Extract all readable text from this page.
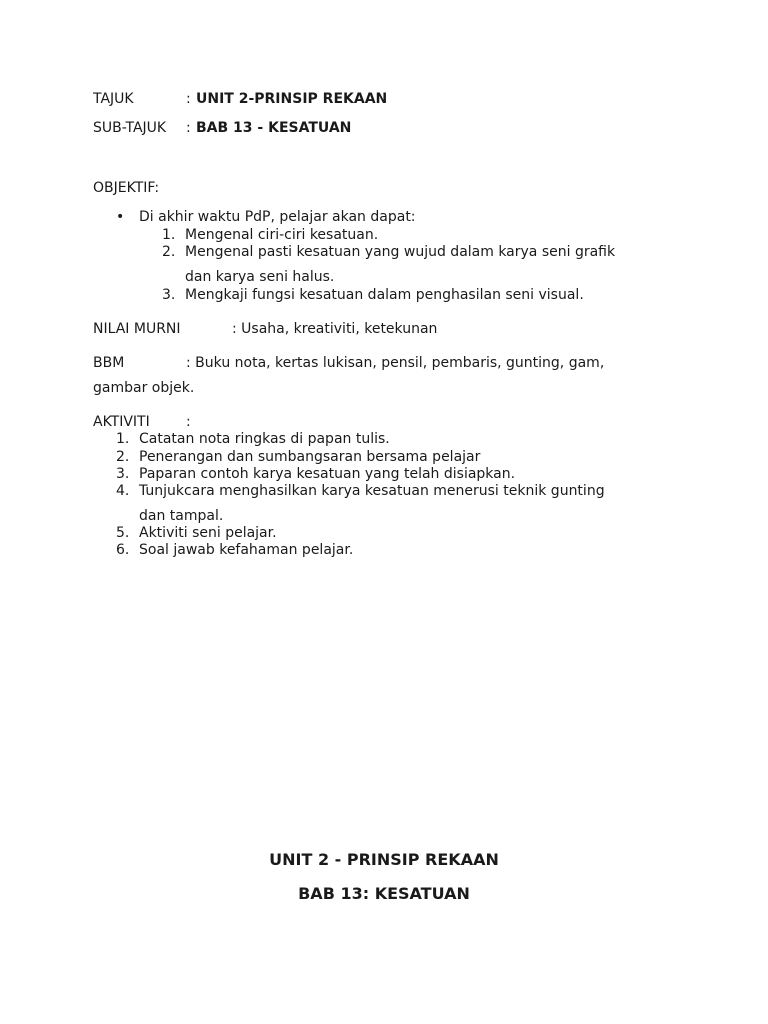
TAJUK	: UNIT 2-PRINSIP REKAAN
SUB-TAJUK : BAB 13 - KESATUAN
OBJEKTIF:
• Di akhir waktu PdP, pelajar akan dapat:
1. Mengenal ciri-ciri kesatuan.
2. Mengenal pasti kesatuan yang wujud dalam karya seni grafik
dan karya seni halus.
3. Mengkaji fungsi kesatuan dalam penghasilan seni visual.
NILAI MURNI	: Usaha, kreativiti, ketekunan
BBM	: Buku nota, kertas lukisan, pensil, pembaris, gunting, gam,
gambar objek.
AKTIVITI	:
1. Catatan nota ringkas di papan tulis.
2. Penerangan dan sumbangsaran bersama pelajar
3. Paparan contoh karya kesatuan yang telah disiapkan.
4. Tunjukcara menghasilkan karya kesatuan menerusi teknik gunting
dan tampal.
5. Aktiviti seni pelajar.
6. Soal jawab kefahaman pelajar.
UNIT 2 - PRINSIP REKAAN
BAB 13: KESATUAN
